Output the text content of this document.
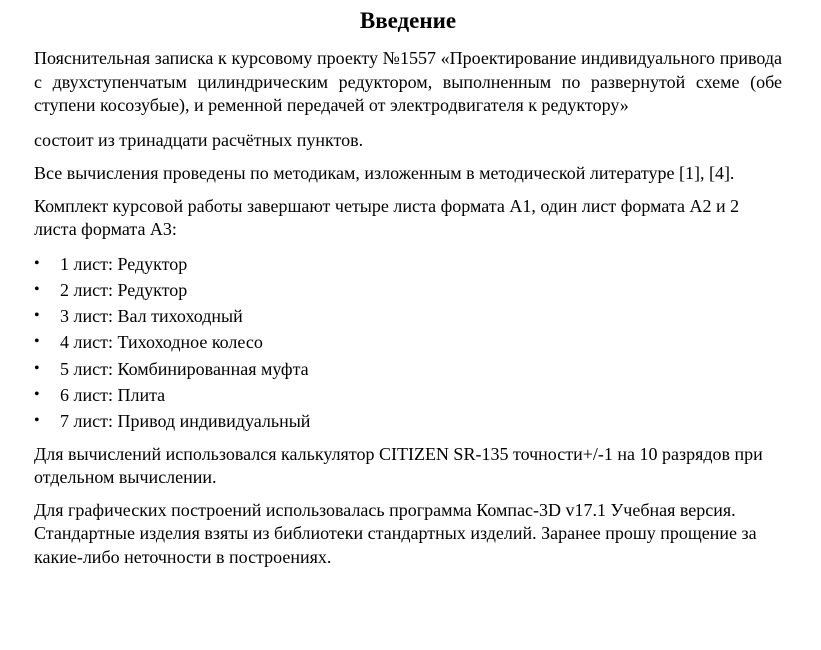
Введение

Пояснительная записка к курсовому проекту №1557 «Проектирование индивидуального привода с двухступенчатым цилиндрическим редуктором, выполненным по развернутой схеме (обе ступени косозубые), и ременной передачей от электродвигателя к редуктору»

состоит из тринадцати расчётных пунктов.

Все вычисления проведены по методикам, изложенным в методической литературе [1], [4].

Комплект курсовой работы завершают четыре листа формата А1, один лист формата А2 и 2 листа формата А3:

• 1 лист: Редуктор
• 2 лист: Редуктор
• 3 лист: Вал тихоходный
• 4 лист: Тихоходное колесо
• 5 лист: Комбинированная муфта
• 6 лист: Плита
• 7 лист: Привод индивидуальный

Для вычислений использовался калькулятор CITIZEN SR-135 точности+/-1 на 10 разрядов при отдельном вычислении.

Для графических построений использовалась программа Компас-3D v17.1 Учебная версия. Стандартные изделия взяты из библиотеки стандартных изделий. Заранее прошу прощение за какие-либо неточности в построениях.
